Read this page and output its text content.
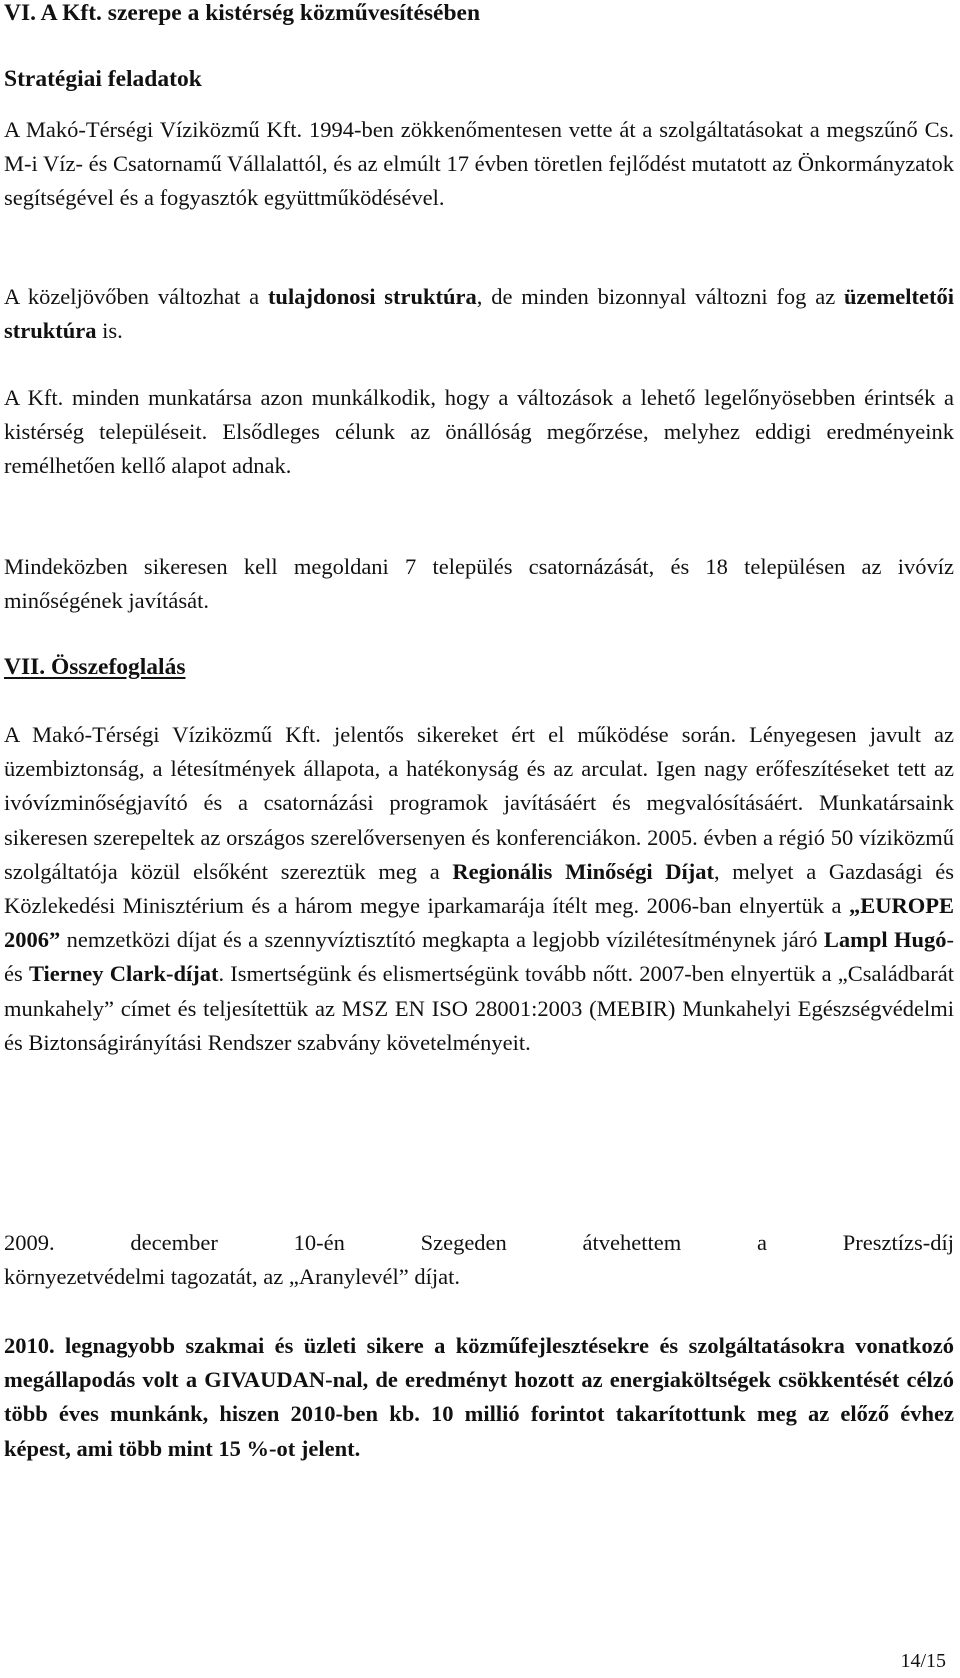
VI. A Kft. szerepe a kistérség közművesítésében
Stratégiai feladatok
A Makó-Térségi Víziközmű Kft. 1994-ben zökkenőmentesen vette át a szolgáltatásokat a megszűnő Cs. M-i Víz- és Csatornamű Vállalattól, és az elmúlt 17 évben töretlen fejlődést mutatott az Önkormányzatok segítségével és a fogyasztók együttműködésével.
A közeljövőben változhat a tulajdonosi struktúra, de minden bizonnyal változni fog az üzemeltetői struktúra is.
A Kft. minden munkatársa azon munkálkodik, hogy a változások a lehető legelőnyösebben érintsék a kistérség településeit. Elsődleges célunk az önállóság megőrzése, melyhez eddigi eredményeink remélhetően kellő alapot adnak.
Mindeközben sikeresen kell megoldani 7 település csatornázását, és 18 településen az ivóvíz minőségének javítását.
VII. Összefoglalás
A Makó-Térségi Víziközmű Kft. jelentős sikereket ért el működése során. Lényegesen javult az üzembiztonság, a létesítmények állapota, a hatékonyság és az arculat. Igen nagy erőfeszítéseket tett az ivóvízminőségjavító és a csatornázási programok javításáért és megvalósításáért. Munkatársaink sikeresen szerepeltek az országos szerelőversenyen és konferenciákon. 2005. évben a régió 50 víziközmű szolgáltatója közül elsőként szereztük meg a Regionális Minőségi Díjat, melyet a Gazdasági és Közlekedési Minisztérium és a három megye iparkamarája ítélt meg. 2006-ban elnyertük a „EUROPE 2006” nemzetközi díjat és a szennyvíztisztító megkapta a legjobb vízilétesítménynek járó Lampl Hugó- és Tierney Clark-díjat. Ismertségünk és elismertségünk tovább nőtt. 2007-ben elnyertük a „Családbarát munkahely” címet és teljesítettük az MSZ EN ISO 28001:2003 (MEBIR) Munkahelyi Egészségvédelmi és Biztonságirányítási Rendszer szabvány követelményeit.
2009. december 10-én Szegeden átvehettem a Presztízs-díj
környezetvédelmi tagozatát, az „Aranylevél” díjat.
2010. legnagyobb szakmai és üzleti sikere a közműfejlesztésekre és szolgáltatásokra vonatkozó megállapodás volt a GIVAUDAN-nal, de eredményt hozott az energiaköltségek csökkentését célzó több éves munkánk, hiszen 2010-ben kb. 10 millió forintot takarítottunk meg az előző évhez képest, ami több mint 15 %-ot jelent.
14/15
